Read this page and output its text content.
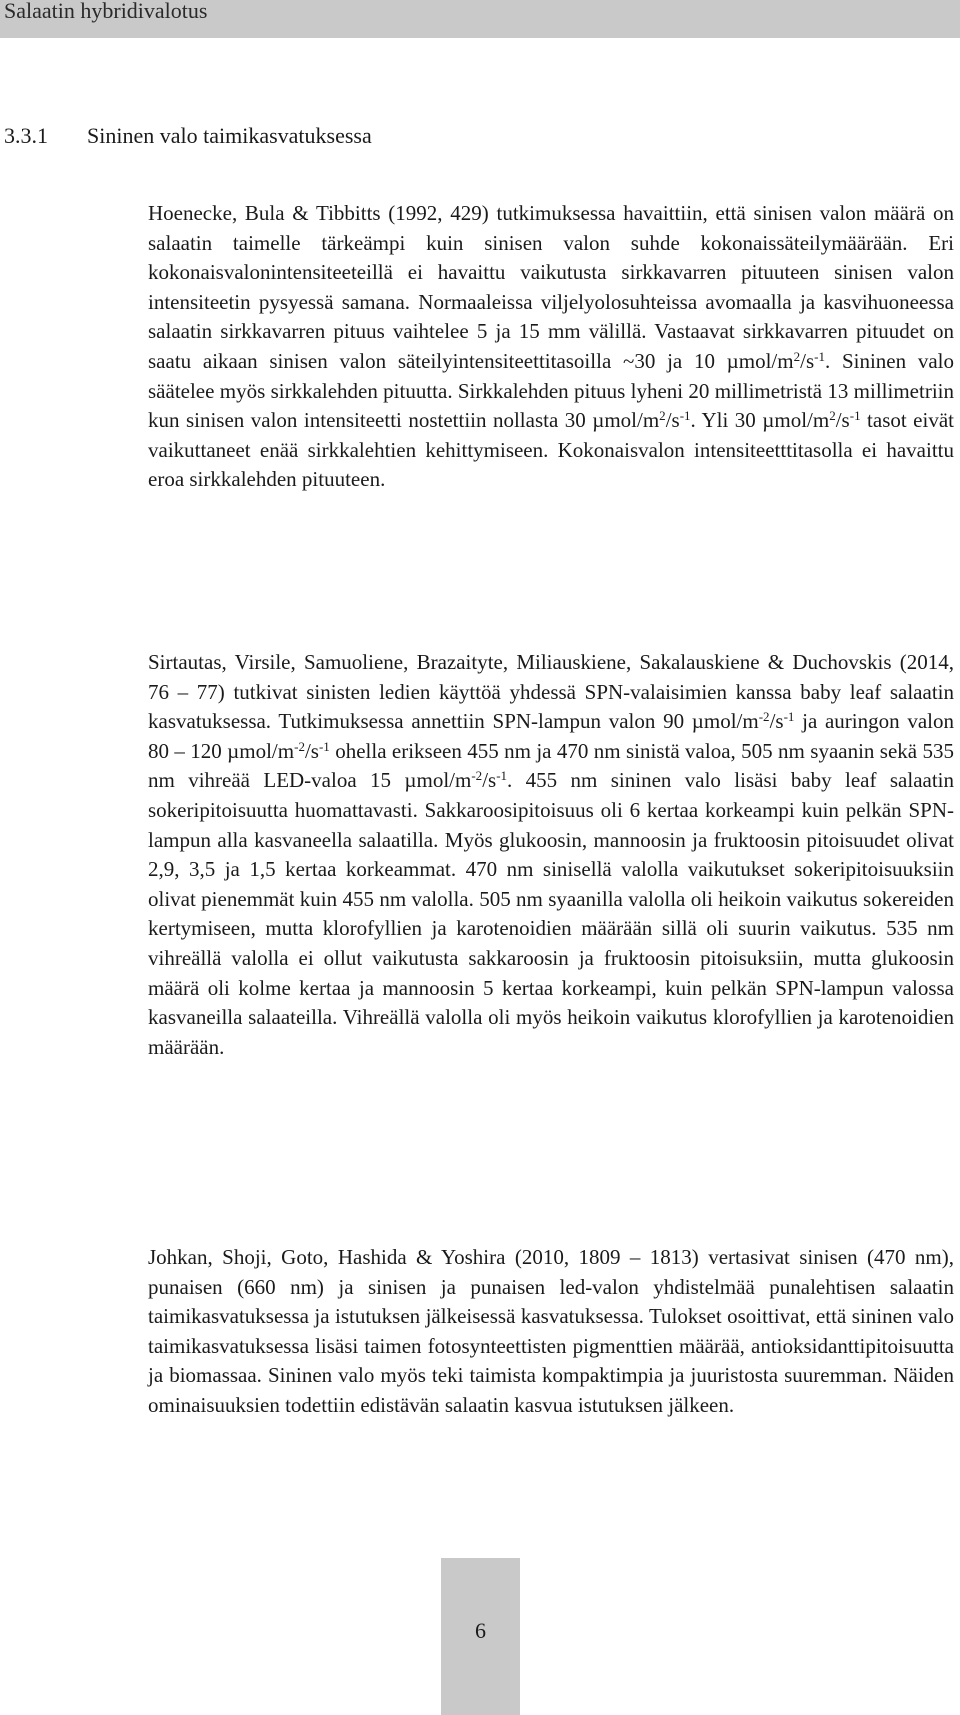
Salaatin hybridivalotus
3.3.1 Sininen valo taimikasvatuksessa

Hoenecke, Bula & Tibbitts (1992, 429) tutkimuksessa havaittiin, että sinisen valon määrä on salaatin taimelle tärkeämpi kuin sinisen valon suhde kokonaissäteilymäärään. Eri kokonaisvalonintensiteeteillä ei havaittu vaikutusta sirkkavarren pituuteen sinisen valon intensiteetin pysyessä samana. Normaaleissa viljelyolosuhteissa avomaalla ja kasvihuoneessa salaatin sirkkavarren pituus vaihtelee 5 ja 15 mm välillä. Vastaavat sirkkavarren pituudet on saatu aikaan sinisen valon säteilyintensiteettitasoilla ~30 ja 10 µmol/$m^2/s^{-1}$. Sininen valo säätelee myös sirkkalehden pituutta. Sirkkalehden pituus lyheni 20 millimetristä 13 millimetriin kun sinisen valon intensiteetti nostettiin nollasta 30 µmol/$m^2/s^{-1}$. Yli 30 µmol/$m^2/s^{-1}$ tasot eivät vaikuttaneet enää sirkkalehtien kehittymiseen. Kokonaisvalon intensiteetttitasolla ei havaittu eroa sirkkalehden pituuteen.

Sirtautas, Virsile, Samuoliene, Brazaityte, Miliauskiene, Sakalauskiene & Duchovskis (2014, 76 – 77) tutkivat sinisten ledien käyttöä yhdessä SPN-valaisimien kanssa baby leaf salaatin kasvatuksessa. Tutkimuksessa annettiin SPN-lampun valon 90 µmol/$m^{-2}/s^{-1}$ ja auringon valon 80 – 120 µmol/$m^{-2}/s^{-1}$ ohella erikseen 455 nm ja 470 nm sinistä valoa, 505 nm syaanin sekä 535 nm vihreää LED-valoa 15 µmol/$m^{-2}/s^{-1}$. 455 nm sininen valo lisäsi baby leaf salaatin sokeripitoisuutta huomattavasti. Sakkaroosipitoisuus oli 6 kertaa korkeampi kuin pelkän SPN-lampun alla kasvaneella salaatilla. Myös glukoosin, mannoosin ja fruktoosin pitoisuudet olivat 2,9, 3,5 ja 1,5 kertaa korkeammat. 470 nm sinisellä valolla vaikutukset sokeripitoisuuksiin olivat pienemmät kuin 455 nm valolla. 505 nm syaanilla valolla oli heikoin vaikutus sokereiden kertymiseen, mutta klorofyllien ja karotenoidien määrään sillä oli suurin vaikutus. 535 nm vihreällä valolla ei ollut vaikutusta sakkaroosin ja fruktoosin pitoisuksiin, mutta glukoosin määrä oli kolme kertaa ja mannoosin 5 kertaa korkeampi, kuin pelkän SPN-lampun valossa kasvaneilla salaateilla. Vihreällä valolla oli myös heikoin vaikutus klorofyllien ja karotenoidien määrään.

Johkan, Shoji, Goto, Hashida & Yoshira (2010, 1809 – 1813) vertasivat sinisen (470 nm), punaisen (660 nm) ja sinisen ja punaisen led-valon yhdistelmää punalehtisen salaatin taimikasvatuksessa ja istutuksen jälkeisessä kasvatuksessa. Tulokset osoittivat, että sininen valo taimikasvatuksessa lisäsi taimen fotosynteettisten pigmenttien määrää, antioksidanttipitoisuutta ja biomassaa. Sininen valo myös teki taimista kompaktimpia ja juuristosta suuremman. Näiden ominaisuuksien todettiin edistävän salaatin kasvua istutuksen jälkeen.

6
